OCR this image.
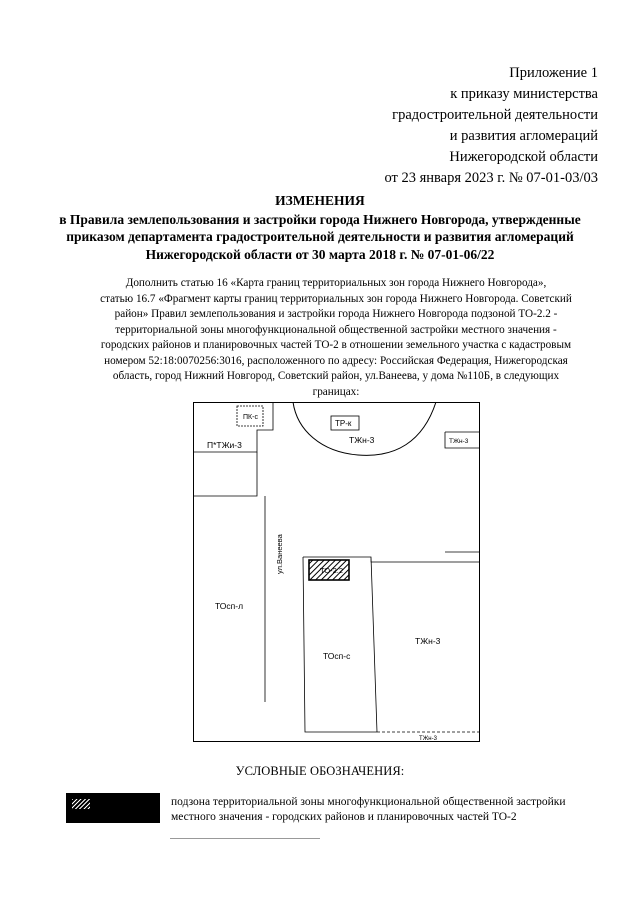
Приложение 1
к приказу министерства
градостроительной деятельности
и развития агломераций
Нижегородской области
от 23 января 2023 г. № 07-01-03/03
ИЗМЕНЕНИЯ
в Правила землепользования и застройки города Нижнего Новгорода, утвержденные
приказом департамента градостроительной деятельности и развития агломераций
Нижегородской области от 30 марта 2018 г. № 07-01-06/22
Дополнить статью 16 «Карта границ территориальных зон города Нижнего Новгорода»,
статью 16.7 «Фрагмент карты границ территориальных зон города Нижнего Новгорода. Советский
район» Правил землепользования и застройки города Нижнего Новгорода подзоной ТО-2.2 -
территориальной зоны многофункциональной общественной застройки местного значения -
городских районов и планировочных частей ТО-2 в отношении земельного участка с кадастровым
номером 52:18:0070256:3016, расположенного по адресу: Российская Федерация, Нижегородская
область, город Нижний Новгород, Советский район, ул.Ванеева, у дома №110Б, в следующих
границах:
ПК-с
П*ТЖи-3
ТР-к
ТЖн-3	ТЖн-3
ул.Ванеева	ТО-2.2
ТОсп-л
ТОсп-с
ТЖн-3
ТЖн-3
УСЛОВНЫЕ ОБОЗНАЧЕНИЯ:
подзона территориальной зоны многофункциональной общественной застройки
местного значения - городских районов и планировочных частей ТО-2
